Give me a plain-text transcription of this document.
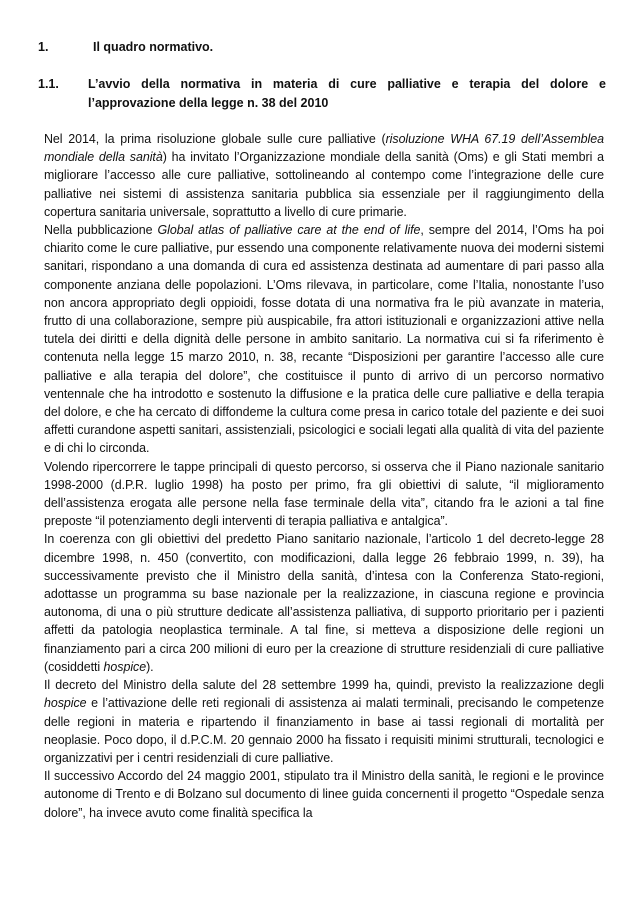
1.	Il quadro normativo.
1.1. L’avvio della normativa in materia di cure palliative e terapia del dolore e l’approvazione della legge n. 38 del 2010

Nel 2014, la prima risoluzione globale sulle cure palliative (risoluzione WHA 67.19 dell’Assemblea mondiale della sanità) ha invitato l’Organizzazione mondiale della sanità (Oms) e gli Stati membri a migliorare l’accesso alle cure palliative, sottolineando al contempo come l’integrazione delle cure palliative nei sistemi di assistenza sanitaria pubblica sia essenziale per il raggiungimento della copertura sanitaria universale, soprattutto a livello di cure primarie.

Nella pubblicazione Global atlas of palliative care at the end of life, sempre del 2014, l’Oms ha poi chiarito come le cure palliative, pur essendo una componente relativamente nuova dei moderni sistemi sanitari, rispondano a una domanda di cura ed assistenza destinata ad aumentare di pari passo alla componente anziana delle popolazioni. L’Oms rilevava, in particolare, come l’Italia, nonostante l’uso non ancora appropriato degli oppioidi, fosse dotata di una normativa fra le più avanzate in materia, frutto di una collaborazione, sempre più auspicabile, fra attori istituzionali e organizzazioni attive nella tutela dei diritti e della dignità delle persone in ambito sanitario. La normativa cui si fa riferimento è contenuta nella legge 15 marzo 2010, n. 38, recante “Disposizioni per garantire l’accesso alle cure palliative e alla terapia del dolore”, che costituisce il punto di arrivo di un percorso normativo ventennale che ha introdotto e sostenuto la diffusione e la pratica delle cure palliative e della terapia del dolore, e che ha cercato di diffondeme la cultura come presa in carico totale del paziente e dei suoi affetti curandone aspetti sanitari, assistenziali, psicologici e sociali legati alla qualità di vita del paziente e di chi lo circonda.

Volendo ripercorrere le tappe principali di questo percorso, si osserva che il Piano nazionale sanitario 1998-2000 (d.P.R. luglio 1998) ha posto per primo, fra gli obiettivi di salute, “il miglioramento dell’assistenza erogata alle persone nella fase terminale della vita”, citando fra le azioni a tal fine preposte “il potenziamento degli interventi di terapia palliativa e antalgica”.

In coerenza con gli obiettivi del predetto Piano sanitario nazionale, l’articolo 1 del decreto-legge 28 dicembre 1998, n. 450 (convertito, con modificazioni, dalla legge 26 febbraio 1999, n. 39), ha successivamente previsto che il Ministro della sanità, d’intesa con la Conferenza Stato-regioni, adottasse un programma su base nazionale per la realizzazione, in ciascuna regione e provincia autonoma, di una o più strutture dedicate all’assistenza palliativa, di supporto prioritario per i pazienti affetti da patologia neoplastica terminale. A tal fine, si metteva a disposizione delle regioni un finanziamento pari a circa 200 milioni di euro per la creazione di strutture residenziali di cure palliative (cosiddetti hospice).

Il decreto del Ministro della salute del 28 settembre 1999 ha, quindi, previsto la realizzazione degli hospice e l’attivazione delle reti regionali di assistenza ai malati terminali, precisando le competenze delle regioni in materia e ripartendo il finanziamento in base ai tassi regionali di mortalità per neoplasie. Poco dopo, il d.P.C.M. 20 gennaio 2000 ha fissato i requisiti minimi strutturali, tecnologici e organizzativi per i centri residenziali di cure palliative.

Il successivo Accordo del 24 maggio 2001, stipulato tra il Ministro della sanità, le regioni e le province autonome di Trento e di Bolzano sul documento di linee guida concernenti il progetto “Ospedale senza dolore”, ha invece avuto come finalità specifica la
